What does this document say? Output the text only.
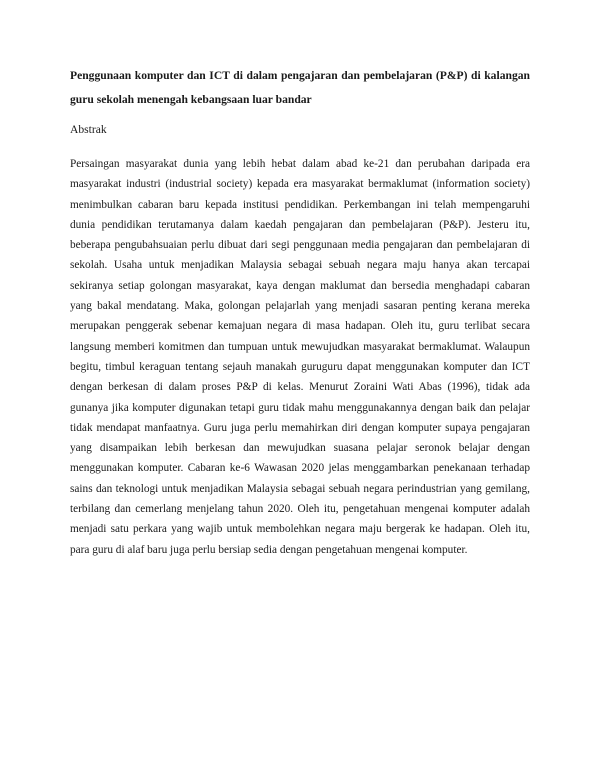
Penggunaan komputer dan ICT di dalam pengajaran dan pembelajaran (P&P) di kalangan guru sekolah menengah kebangsaan luar bandar

Abstrak

Persaingan masyarakat dunia yang lebih hebat dalam abad ke-21 dan perubahan daripada era masyarakat industri (industrial society) kepada era masyarakat bermaklumat (information society) menimbulkan cabaran baru kepada institusi pendidikan. Perkembangan ini telah mempengaruhi dunia pendidikan terutamanya dalam kaedah pengajaran dan pembelajaran (P&P). Jesteru itu, beberapa pengubahsuaian perlu dibuat dari segi penggunaan media pengajaran dan pembelajaran di sekolah. Usaha untuk menjadikan Malaysia sebagai sebuah negara maju hanya akan tercapai sekiranya setiap golongan masyarakat, kaya dengan maklumat dan bersedia menghadapi cabaran yang bakal mendatang. Maka, golongan pelajarlah yang menjadi sasaran penting kerana mereka merupakan penggerak sebenar kemajuan negara di masa hadapan. Oleh itu, guru terlibat secara langsung memberi komitmen dan tumpuan untuk mewujudkan masyarakat bermaklumat. Walaupun begitu, timbul keraguan tentang sejauh manakah guruguru dapat menggunakan komputer dan ICT dengan berkesan di dalam proses P&P di kelas. Menurut Zoraini Wati Abas (1996), tidak ada gunanya jika komputer digunakan tetapi guru tidak mahu menggunakannya dengan baik dan pelajar tidak mendapat manfaatnya. Guru juga perlu memahirkan diri dengan komputer supaya pengajaran yang disampaikan lebih berkesan dan mewujudkan suasana pelajar seronok belajar dengan menggunakan komputer. Cabaran ke-6 Wawasan 2020 jelas menggambarkan penekanaan terhadap sains dan teknologi untuk menjadikan Malaysia sebagai sebuah negara perindustrian yang gemilang, terbilang dan cemerlang menjelang tahun 2020. Oleh itu, pengetahuan mengenai komputer adalah menjadi satu perkara yang wajib untuk membolehkan negara maju bergerak ke hadapan. Oleh itu, para guru di alaf baru juga perlu bersiap sedia dengan pengetahuan mengenai komputer.
